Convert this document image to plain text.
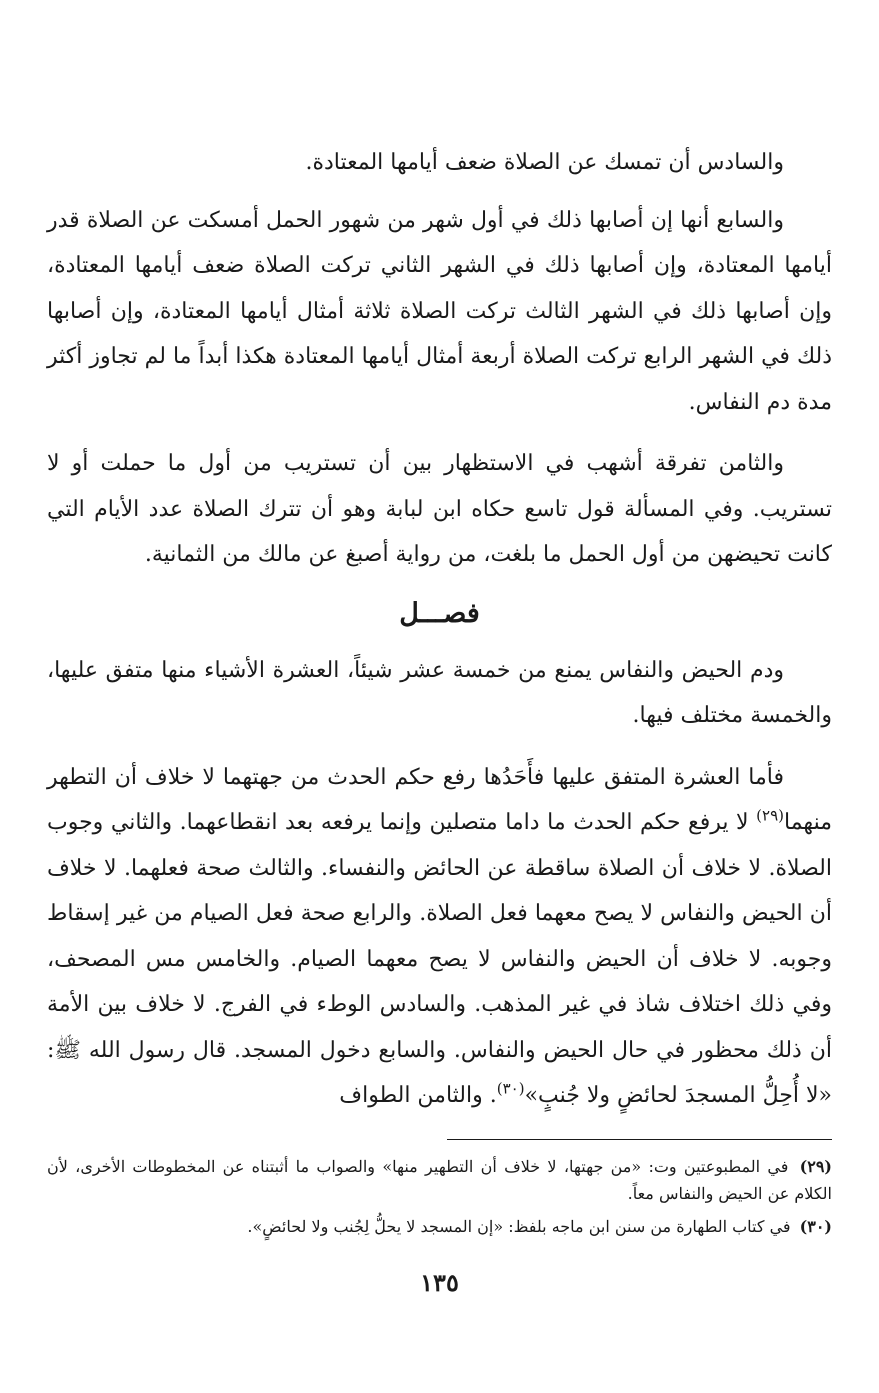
والسادس أن تمسك عن الصلاة ضعف أيامها المعتادة.

والسابع أنها إن أصابها ذلك في أول شهر من شهور الحمل أمسكت عن الصلاة قدر أيامها المعتادة، وإن أصابها ذلك في الشهر الثاني تركت الصلاة ضعف أيامها المعتادة، وإن أصابها ذلك في الشهر الثالث تركت الصلاة ثلاثة أمثال أيامها المعتادة، وإن أصابها ذلك في الشهر الرابع تركت الصلاة أربعة أمثال أيامها المعتادة هكذا أبداً ما لم تجاوز أكثر مدة دم النفاس.

والثامن تفرقة أشهب في الاستظهار بين أن تستريب من أول ما حملت أو لا تستريب. وفي المسألة قول تاسع حكاه ابن لبابة وهو أن تترك الصلاة عدد الأيام التي كانت تحيضهن من أول الحمل ما بلغت، من رواية أصبغ عن مالك من الثمانية.

فصـــل

ودم الحيض والنفاس يمنع من خمسة عشر شيئاً، العشرة الأشياء منها متفق عليها، والخمسة مختلف فيها.

فأما العشرة المتفق عليها فأَحَدُها رفع حكم الحدث من جهتهما لا خلاف أن التطهر منهما$^{(٢٩)}$ لا يرفع حكم الحدث ما داما متصلين وإنما يرفعه بعد انقطاعهما. والثاني وجوب الصلاة. لا خلاف أن الصلاة ساقطة عن الحائض والنفساء. والثالث صحة فعلهما. لا خلاف أن الحيض والنفاس لا يصح معهما فعل الصلاة. والرابع صحة فعل الصيام من غير إسقاط وجوبه. لا خلاف أن الحيض والنفاس لا يصح معهما الصيام. والخامس مس المصحف، وفي ذلك اختلاف شاذ في غير المذهب. والسادس الوطء في الفرج. لا خلاف بين الأمة أن ذلك محظور في حال الحيض والنفاس. والسابع دخول المسجد. قال رسول الله ﷺ: «لا أُحِلُّ المسجدَ لحائضٍ ولا جُنبٍ»$^{(٣٠)}$. والثامن الطواف

(٢٩) في المطبوعتين وت: «من جهتها، لا خلاف أن التطهير منها» والصواب ما أثبتناه عن المخطوطات الأخرى، لأن الكلام عن الحيض والنفاس معاً.
(٣٠) في كتاب الطهارة من سنن ابن ماجه بلفظ: «إن المسجد لا يحلُّ لِجُنب ولا لحائضٍ».
١٣٥
